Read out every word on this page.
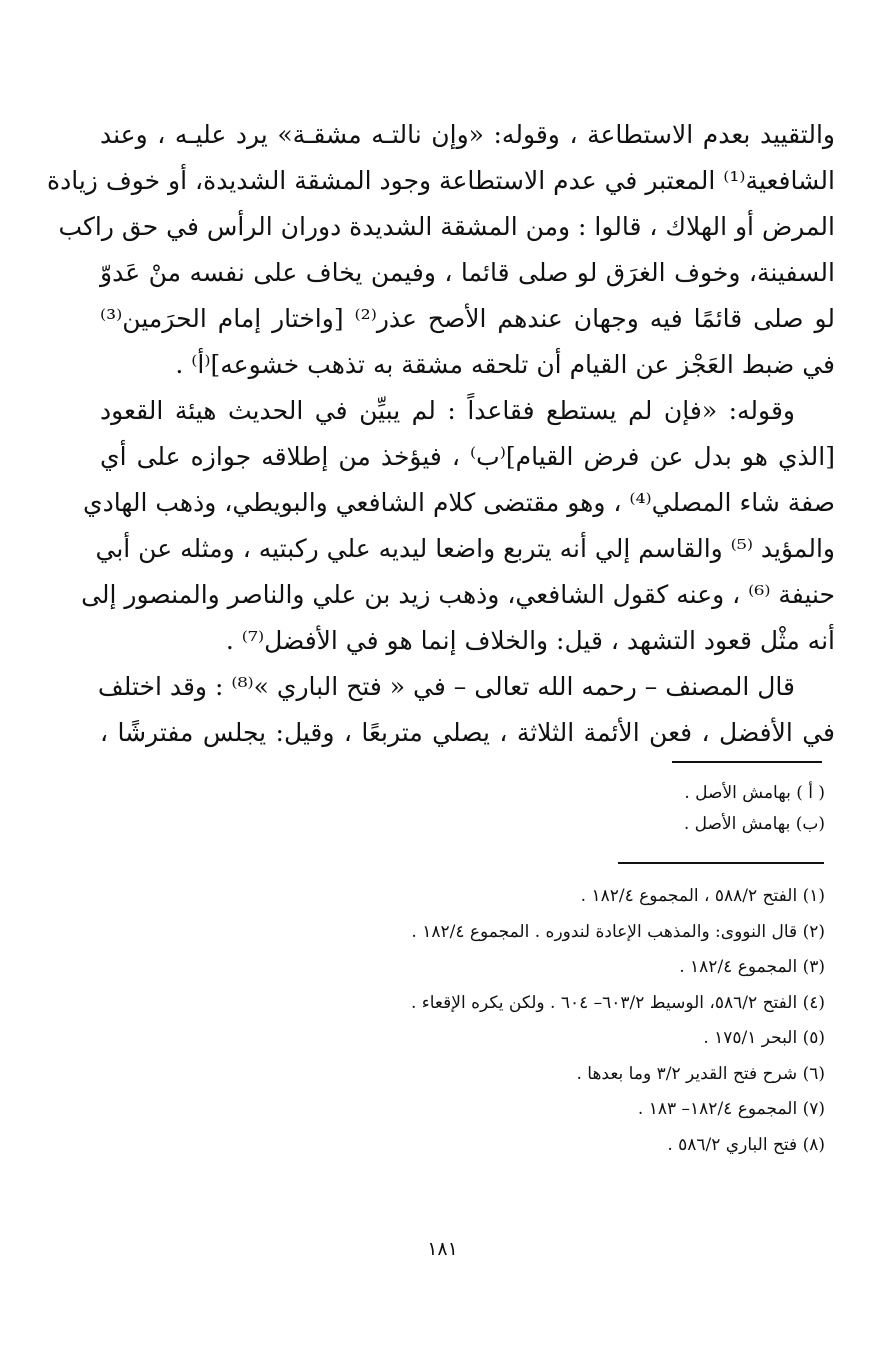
والتقييد بعدم الاستطاعة ، وقوله: «وإن نالتـه مشقـة» يرد عليـه ، وعند
الشافعية⁽¹⁾ المعتبر في عدم الاستطاعة وجود المشقة الشديدة، أو خوف زيادة
المرض أو الهلاك ، قالوا : ومن المشقة الشديدة دوران الرأس في حق راكب
السفينة، وخوف الغرَق لو صلى قائما ، وفيمن يخاف على نفسه منْ عَدوّ
لو صلى قائمًا فيه وجهان عندهم الأصح عذر⁽²⁾ [واختار إمام الحرَمين⁽³⁾
في ضبط العَجْز عن القيام أن تلحقه مشقة به تذهب خشوعه]⁽أ⁾ .
وقوله: «فإن لم يستطع فقاعداً : لم يبيِّن في الحديث هيئة القعود
[الذي هو بدل عن فرض القيام]⁽ب⁾ ، فيؤخذ من إطلاقه جوازه على أي
صفة شاء المصلي⁽⁴⁾ ، وهو مقتضى كلام الشافعي والبويطي، وذهب الهادي
والمؤيد ⁽⁵⁾ والقاسم إلي أنه يتربع واضعا ليديه علي ركبتيه ، ومثله عن أبي
حنيفة ⁽⁶⁾ ، وعنه كقول الشافعي، وذهب زيد بن علي والناصر والمنصور إلى
أنه مثْل قعود التشهد ، قيل: والخلاف إنما هو في الأفضل⁽⁷⁾ .
قال المصنف – رحمه الله تعالى – في « فتح الباري »⁽⁸⁾ : وقد اختلف
في الأفضل ، فعن الأئمة الثلاثة ، يصلي متربعًا ، وقيل: يجلس مفترشًا ،
( أ ) بهامش الأصل .
(ب) بهامش الأصل .
(١) الفتح ٥٨٨/٢ ، المجموع ١٨٢/٤ .
(٢) قال النووى: والمذهب الإعادة لندوره . المجموع ١٨٢/٤ .
(٣) المجموع ١٨٢/٤ .
(٤) الفتح ٥٨٦/٢، الوسيط ٦٠٣/٢– ٦٠٤ . ولكن يكره الإقعاء .
(٥) البحر ١٧٥/١ .
(٦) شرح فتح القدير ٣/٢ وما بعدها .
(٧) المجموع ١٨٢/٤– ١٨٣ .
(٨) فتح الباري ٥٨٦/٢ .
١٨١
